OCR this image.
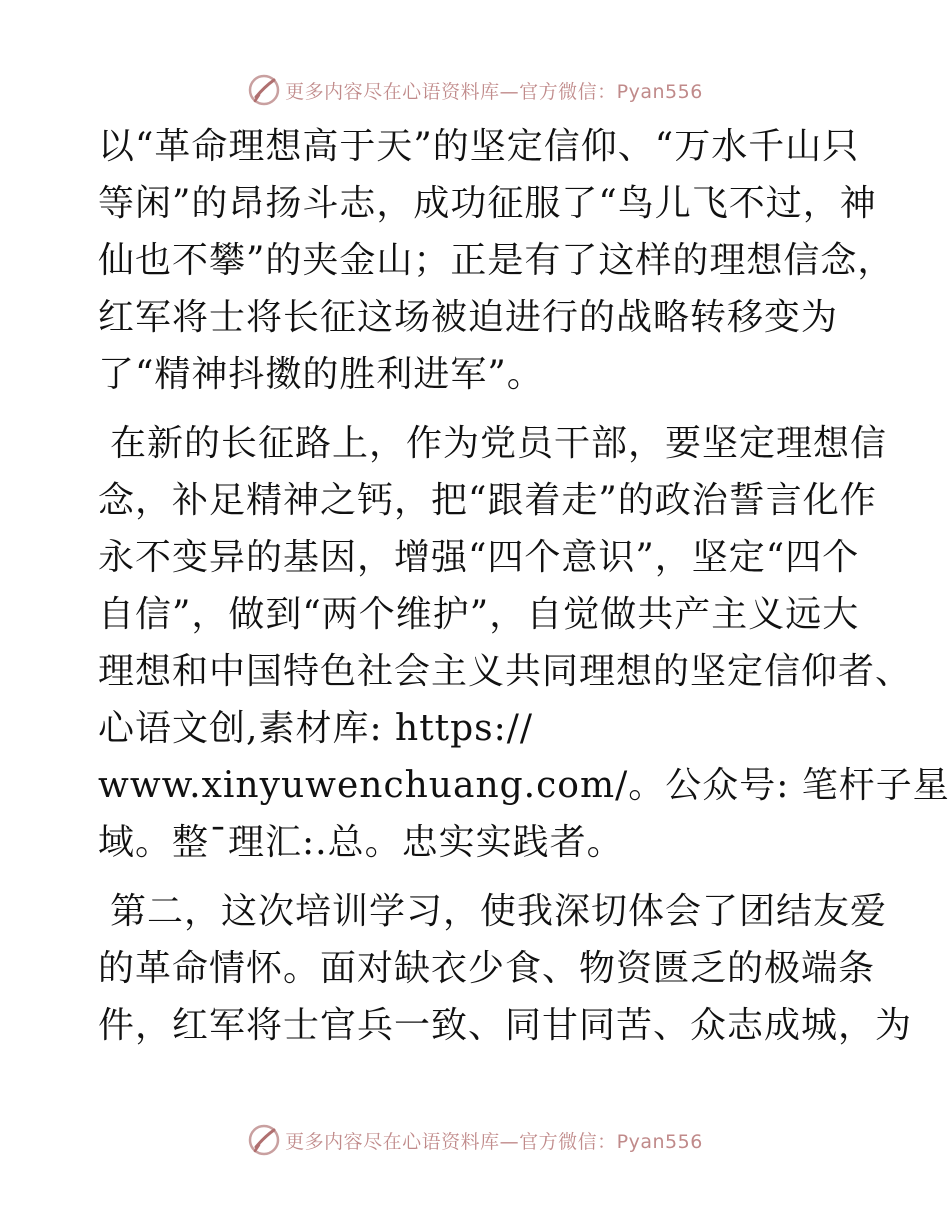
更多内容尽在心语资料库—官方微信：Pyan556
以“革命理想高于天”的坚定信仰、“万水千山只
等闲”的昂扬斗志，成功征服了“鸟儿飞不过，神
仙也不攀”的夹金山；正是有了这样的理想信念，
红军将士将长征这场被迫进行的战略转移变为
了“精神抖擞的胜利进军”。
在新的长征路上，作为党员干部，要坚定理想信
念，补足精神之钙，把“跟着走”的政治誓言化作
永不变异的基因，增强“四个意识”，坚定“四个
自信”，做到“两个维护”，自觉做共产主义远大
理想和中国特色社会主义共同理想的坚定信仰者、
心语文创,素材库: https://
www.xinyuwenchuang.com/。公众号: 笔杆子星
域。整¯理汇:.总。忠实实践者。
第二，这次培训学习，使我深切体会了团结友爱
的革命情怀。面对缺衣少食、物资匮乏的极端条
件，红军将士官兵一致、同甘同苦、众志成城，为
更多内容尽在心语资料库—官方微信：Pyan556
